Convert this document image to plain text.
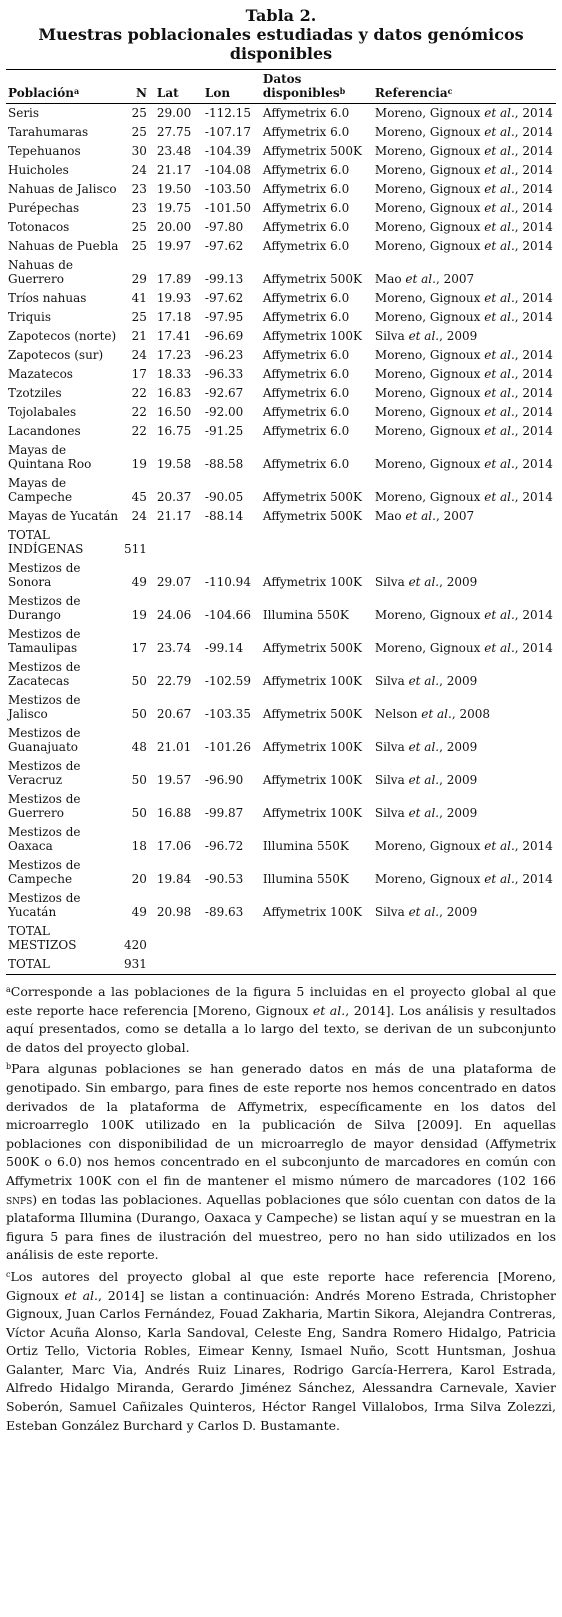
Tabla 2.
Muestras poblacionales estudiadas y datos genómicos
disponibles
Población$^a$	N	Lat	Lon	Datos disponibles$^b$	Referencia$^c$
Seris	25	29.00	-112.15	Affymetrix 6.0	Moreno, Gignoux et al., 2014
Tarahumaras	25	27.75	-107.17	Affymetrix 6.0	Moreno, Gignoux et al., 2014
Tepehuanos	30	23.48	-104.39	Affymetrix 500K	Moreno, Gignoux et al., 2014
Huicholes	24	21.17	-104.08	Affymetrix 6.0	Moreno, Gignoux et al., 2014
Nahuas de Jalisco	23	19.50	-103.50	Affymetrix 6.0	Moreno, Gignoux et al., 2014
Purépechas	23	19.75	-101.50	Affymetrix 6.0	Moreno, Gignoux et al., 2014
Totonacos	25	20.00	-97.80	Affymetrix 6.0	Moreno, Gignoux et al., 2014
Nahuas de Puebla	25	19.97	-97.62	Affymetrix 6.0	Moreno, Gignoux et al., 2014
Nahuas de Guerrero	29	17.89	-99.13	Affymetrix 500K	Mao et al., 2007
Tríos nahuas	41	19.93	-97.62	Affymetrix 6.0	Moreno, Gignoux et al., 2014
Triquis	25	17.18	-97.95	Affymetrix 6.0	Moreno, Gignoux et al., 2014
Zapotecos (norte)	21	17.41	-96.69	Affymetrix 100K	Silva et al., 2009
Zapotecos (sur)	24	17.23	-96.23	Affymetrix 6.0	Moreno, Gignoux et al., 2014
Mazatecos	17	18.33	-96.33	Affymetrix 6.0	Moreno, Gignoux et al., 2014
Tzotziles	22	16.83	-92.67	Affymetrix 6.0	Moreno, Gignoux et al., 2014
Tojolabales	22	16.50	-92.00	Affymetrix 6.0	Moreno, Gignoux et al., 2014
Lacandones	22	16.75	-91.25	Affymetrix 6.0	Moreno, Gignoux et al., 2014
Mayas de Quintana Roo	19	19.58	-88.58	Affymetrix 6.0	Moreno, Gignoux et al., 2014
Mayas de Campeche	45	20.37	-90.05	Affymetrix 500K	Moreno, Gignoux et al., 2014
Mayas de Yucatán	24	21.17	-88.14	Affymetrix 500K	Mao et al., 2007
TOTAL INDÍGENAS	511				
Mestizos de Sonora	49	29.07	-110.94	Affymetrix 100K	Silva et al., 2009
Mestizos de Durango	19	24.06	-104.66	Illumina 550K	Moreno, Gignoux et al., 2014
Mestizos de Tamaulipas	17	23.74	-99.14	Affymetrix 500K	Moreno, Gignoux et al., 2014
Mestizos de Zacatecas	50	22.79	-102.59	Affymetrix 100K	Silva et al., 2009
Mestizos de Jalisco	50	20.67	-103.35	Affymetrix 500K	Nelson et al., 2008
Mestizos de Guanajuato	48	21.01	-101.26	Affymetrix 100K	Silva et al., 2009
Mestizos de Veracruz	50	19.57	-96.90	Affymetrix 100K	Silva et al., 2009
Mestizos de Guerrero	50	16.88	-99.87	Affymetrix 100K	Silva et al., 2009
Mestizos de Oaxaca	18	17.06	-96.72	Illumina 550K	Moreno, Gignoux et al., 2014
Mestizos de Campeche	20	19.84	-90.53	Illumina 550K	Moreno, Gignoux et al., 2014
Mestizos de Yucatán	49	20.98	-89.63	Affymetrix 100K	Silva et al., 2009
TOTAL MESTIZOS	420				
TOTAL	931				

$^a$Corresponde a las poblaciones de la figura 5 incluidas en el proyecto global al que este reporte hace referencia [Moreno, Gignoux et al., 2014]. Los análisis y resultados aquí presentados, como se detalla a lo largo del texto, se derivan de un subconjunto de datos del proyecto global.

$^b$Para algunas poblaciones se han generado datos en más de una plataforma de genotipado. Sin embargo, para fines de este reporte nos hemos concentrado en datos derivados de la plataforma de Affymetrix, específicamente en los datos del microarreglo 100K utilizado en la publicación de Silva [2009]. En aquellas poblaciones con disponibilidad de un microarreglo de mayor densidad (Affymetrix 500K o 6.0) nos hemos concentrado en el subconjunto de marcadores en común con Affymetrix 100K con el fin de mantener el mismo número de marcadores (102 166 snps) en todas las poblaciones. Aquellas poblaciones que sólo cuentan con datos de la plataforma Illumina (Durango, Oaxaca y Campeche) se listan aquí y se muestran en la figura 5 para fines de ilustración del muestreo, pero no han sido utilizados en los análisis de este reporte.

$^c$Los autores del proyecto global al que este reporte hace referencia [Moreno, Gignoux et al., 2014] se listan a continuación: Andrés Moreno Estrada, Christopher Gignoux, Juan Carlos Fernández, Fouad Zakharia, Martin Sikora, Alejandra Contreras, Víctor Acuña Alonso, Karla Sandoval, Celeste Eng, Sandra Romero Hidalgo, Patricia Ortiz Tello, Victoria Robles, Eimear Kenny, Ismael Nuño, Scott Huntsman, Joshua Galanter, Marc Via, Andrés Ruiz Linares, Rodrigo García-Herrera, Karol Estrada, Alfredo Hidalgo Miranda, Gerardo Jiménez Sánchez, Alessandra Carnevale, Xavier Soberón, Samuel Cañizales Quinteros, Héctor Rangel Villalobos, Irma Silva Zolezzi, Esteban González Burchard y Carlos D. Bustamante.
